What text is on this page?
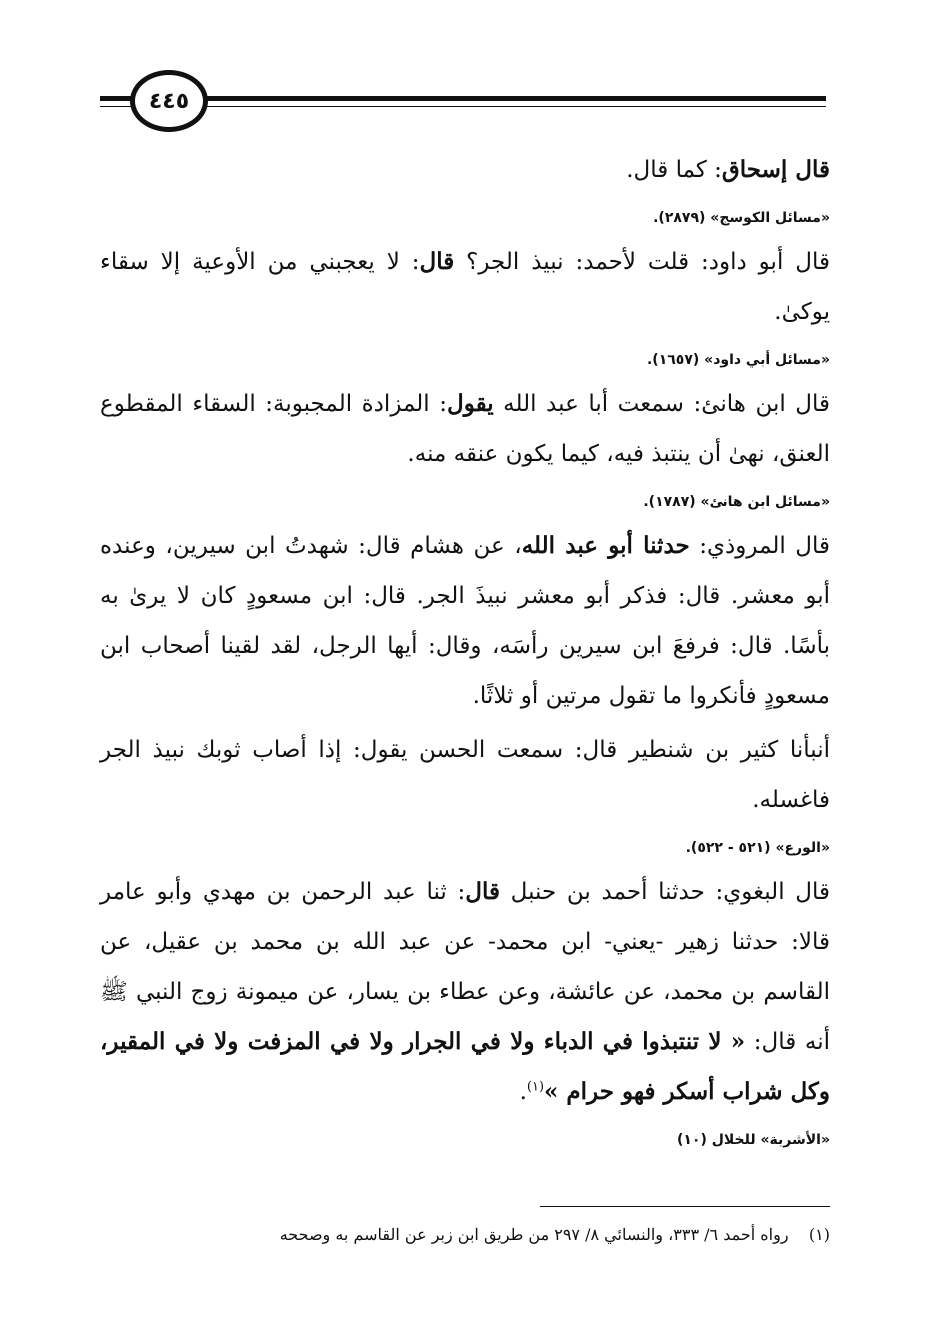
٤٤٥

قال إسحاق: كما قال.

«مسائل الكوسج» (٢٨٧٩).

قال أبو داود: قلت لأحمد: نبيذ الجر؟ قال: لا يعجبني من الأوعية إلا سقاء يوكىٰ.

«مسائل أبي داود» (١٦٥٧).

قال ابن هانئ: سمعت أبا عبد الله يقول: المزادة المجبوبة: السقاء المقطوع العنق، نهىٰ أن ينتبذ فيه، كيما يكون عنقه منه.

«مسائل ابن هانئ» (١٧٨٧).

قال المروذي: حدثنا أبو عبد الله، عن هشام قال: شهدتُ ابن سيرين، وعنده أبو معشر. قال: فذكر أبو معشر نبيذَ الجر. قال: ابن مسعودٍ كان لا يرىٰ به بأسًا. قال: فرفعَ ابن سيرين رأسَه، وقال: أيها الرجل، لقد لقينا أصحاب ابن مسعودٍ فأنكروا ما تقول مرتين أو ثلاثًا.

أنبأنا كثير بن شنطير قال: سمعت الحسن يقول: إذا أصاب ثوبك نبيذ الجر فاغسله.

«الورع» (٥٢١ - ٥٢٢).

قال البغوي: حدثنا أحمد بن حنبل قال: ثنا عبد الرحمن بن مهدي وأبو عامر قالا: حدثنا زهير -يعني- ابن محمد- عن عبد الله بن محمد بن عقيل، عن القاسم بن محمد، عن عائشة، وعن عطاء بن يسار، عن ميمونة زوج النبي ﷺ أنه قال: « لا تنتبذوا في الدباء ولا في الجرار ولا في المزفت ولا في المقير، وكل شراب أسكر فهو حرام »$^{(١)}$.

«الأشربة» للخلال (١٠)
(١)    رواه أحمد ٦/ ٣٣٣، والنسائي ٨/ ٢٩٧ من طريق ابن زبر عن القاسم به وصححه
